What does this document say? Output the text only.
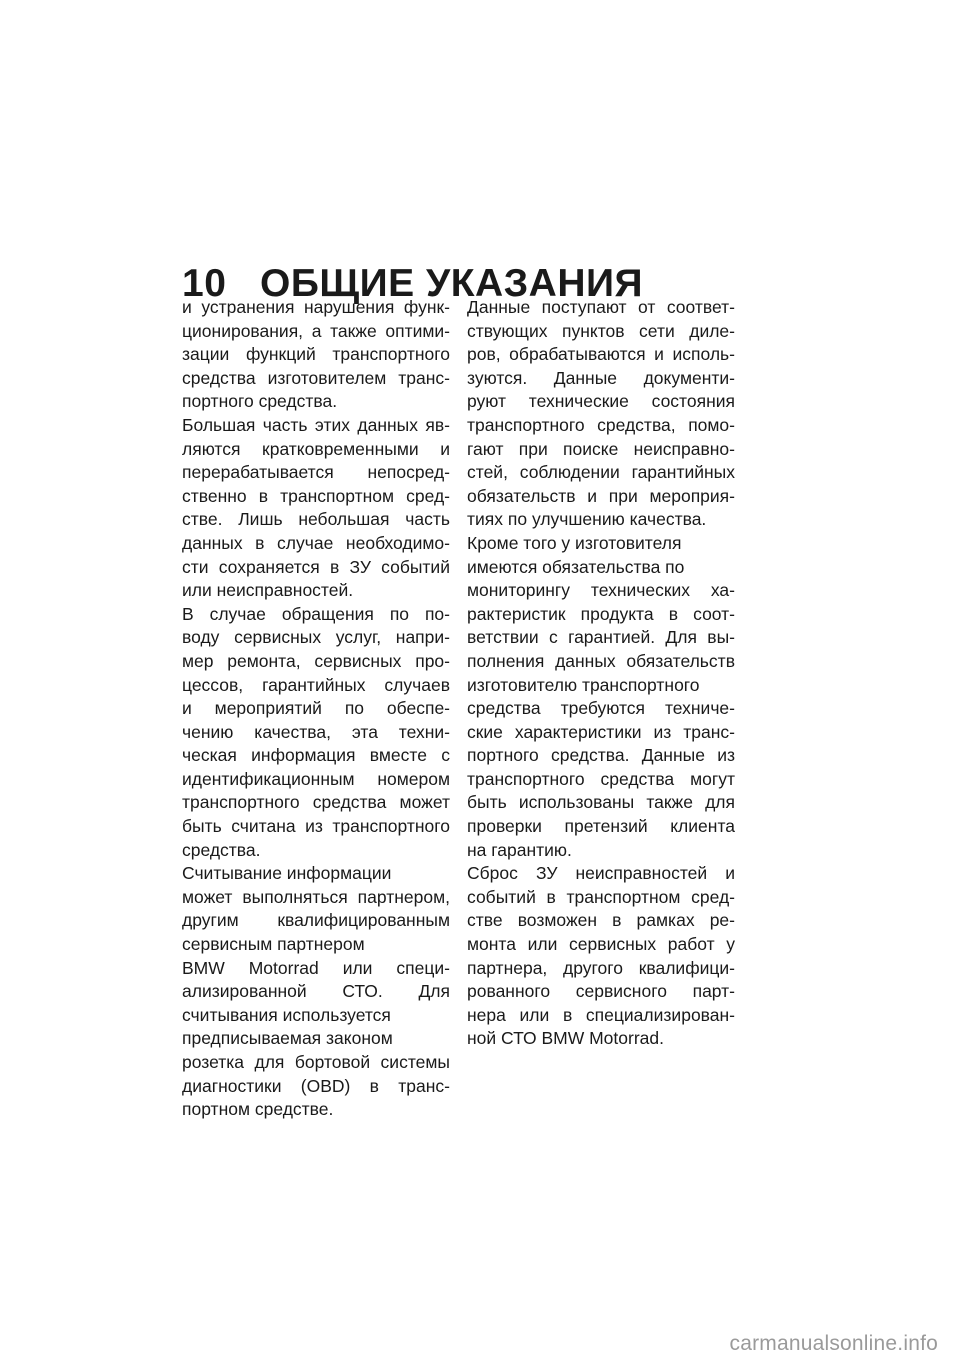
10 ОБЩИЕ УКАЗАНИЯ
и устранения нарушения функ-
ционирования, а также оптими-
зации функций транспортного
средства изготовителем транс-
портного средства.
Большая часть этих данных яв-
ляются кратковременными и
перерабатывается непосред-
ственно в транспортном сред-
стве. Лишь небольшая часть
данных в случае необходимо-
сти сохраняется в ЗУ событий
или неисправностей.
В случае обращения по по-
воду сервисных услуг, напри-
мер ремонта, сервисных про-
цессов, гарантийных случаев
и мероприятий по обеспе-
чению качества, эта техни-
ческая информация вместе с
идентификационным номером
транспортного средства может
быть считана из транспортного
средства.
Считывание информации
может выполняться партнером,
другим квалифицированным
сервисным партнером
BMW Motorrad или специ-
ализированной СТО. Для
считывания используется
предписываемая законом
розетка для бортовой системы
диагностики (OBD) в транс-
портном средстве.
Данные поступают от соответ-
ствующих пунктов сети диле-
ров, обрабатываются и исполь-
зуются. Данные документи-
руют технические состояния
транспортного средства, помо-
гают при поиске неисправно-
стей, соблюдении гарантийных
обязательств и при мероприя-
тиях по улучшению качества.
Кроме того у изготовителя
имеются обязательства по
мониторингу технических ха-
рактеристик продукта в соот-
ветствии с гарантией. Для вы-
полнения данных обязательств
изготовителю транспортного
средства требуются техниче-
ские характеристики из транс-
портного средства. Данные из
транспортного средства могут
быть использованы также для
проверки претензий клиента
на гарантию.
Сброс ЗУ неисправностей и
событий в транспортном сред-
стве возможен в рамках ре-
монта или сервисных работ у
партнера, другого квалифици-
рованного сервисного парт-
нера или в специализирован-
ной СТО BMW Motorrad.
carmanualsonline.info
